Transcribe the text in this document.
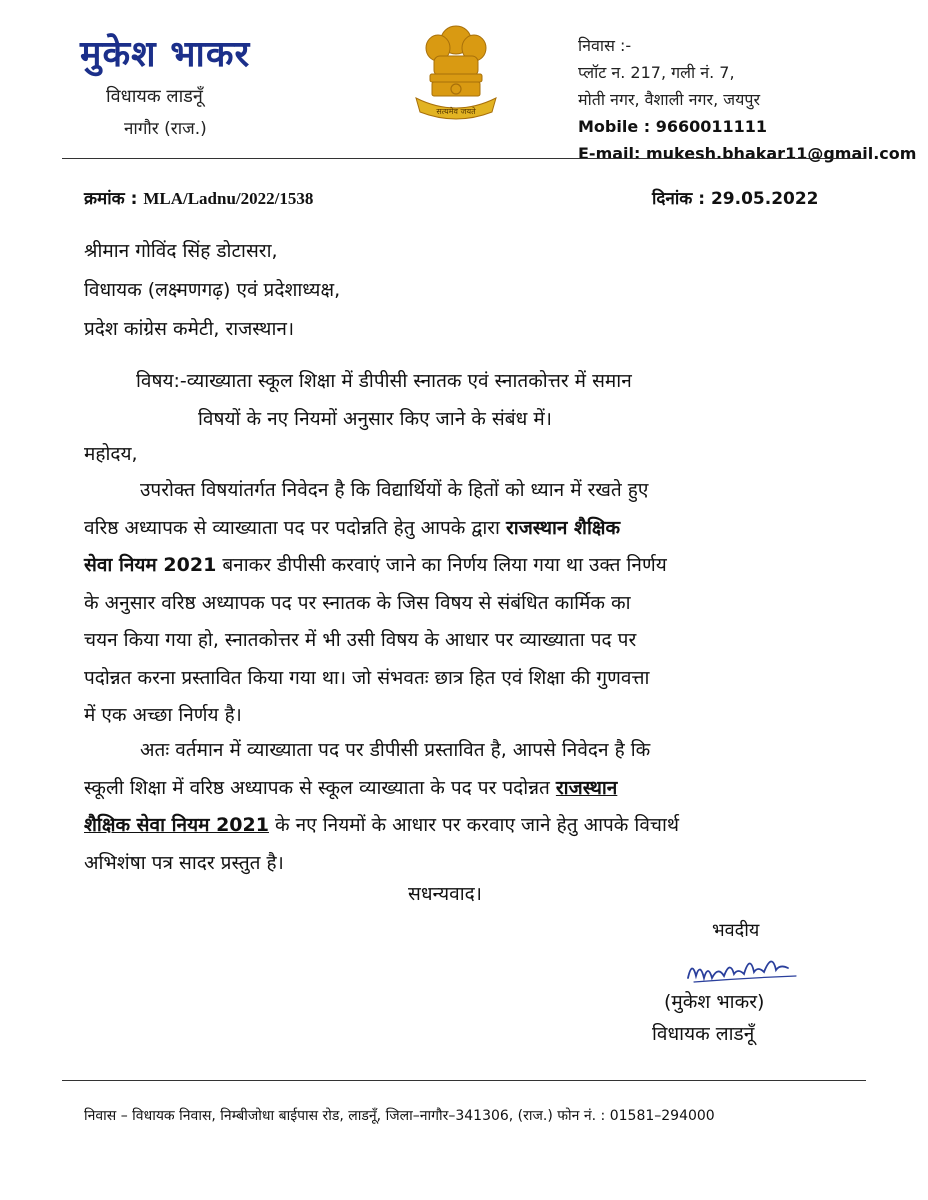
मुकेश भाकर
विधायक लाडनूँ
नागौर (राज.)
सत्यमेव जयते
निवास :-
प्लॉट न. 217, गली नं. 7,
मोती नगर, वैशाली नगर, जयपुर
Mobile : 9660011111
E-mail: mukesh.bhakar11@gmail.com
क्रमांक : MLA/Ladnu/2022/1538	दिनांक : 29.05.2022
श्रीमान गोविंद सिंह डोटासरा,
विधायक (लक्ष्मणगढ़) एवं प्रदेशाध्यक्ष,
प्रदेश कांग्रेस कमेटी, राजस्थान।
विषय:-व्याख्याता स्कूल शिक्षा में डीपीसी स्नातक एवं स्नातकोत्तर में समान
विषयों के नए नियमों अनुसार किए जाने के संबंध में।
महोदय,
उपरोक्त विषयांतर्गत निवेदन है कि विद्यार्थियों के हितों को ध्यान में रखते हुए
वरिष्ठ अध्यापक से व्याख्याता पद पर पदोन्नति हेतु आपके द्वारा राजस्थान शैक्षिक
सेवा नियम 2021 बनाकर डीपीसी करवाएं जाने का निर्णय लिया गया था उक्त निर्णय
के अनुसार वरिष्ठ अध्यापक पद पर स्नातक के जिस विषय से संबंधित कार्मिक का
चयन किया गया हो, स्नातकोत्तर में भी उसी विषय के आधार पर व्याख्याता पद पर
पदोन्नत करना प्रस्तावित किया गया था। जो संभवतः छात्र हित एवं शिक्षा की गुणवत्ता
में एक अच्छा निर्णय है।
अतः वर्तमान में व्याख्याता पद पर डीपीसी प्रस्तावित है, आपसे निवेदन है कि
स्कूली शिक्षा में वरिष्ठ अध्यापक से स्कूल व्याख्याता के पद पर पदोन्नत राजस्थान
शैक्षिक सेवा नियम 2021 के नए नियमों के आधार पर करवाए जाने हेतु आपके विचार्थ
अभिशंषा पत्र सादर प्रस्तुत है।
सधन्यवाद।
भवदीय
(मुकेश भाकर)
विधायक लाडनूँ
निवास – विधायक निवास, निम्बीजोधा बाईपास रोड, लाडनूँ, जिला–नागौर–341306, (राज.) फोन नं. : 01581–294000
